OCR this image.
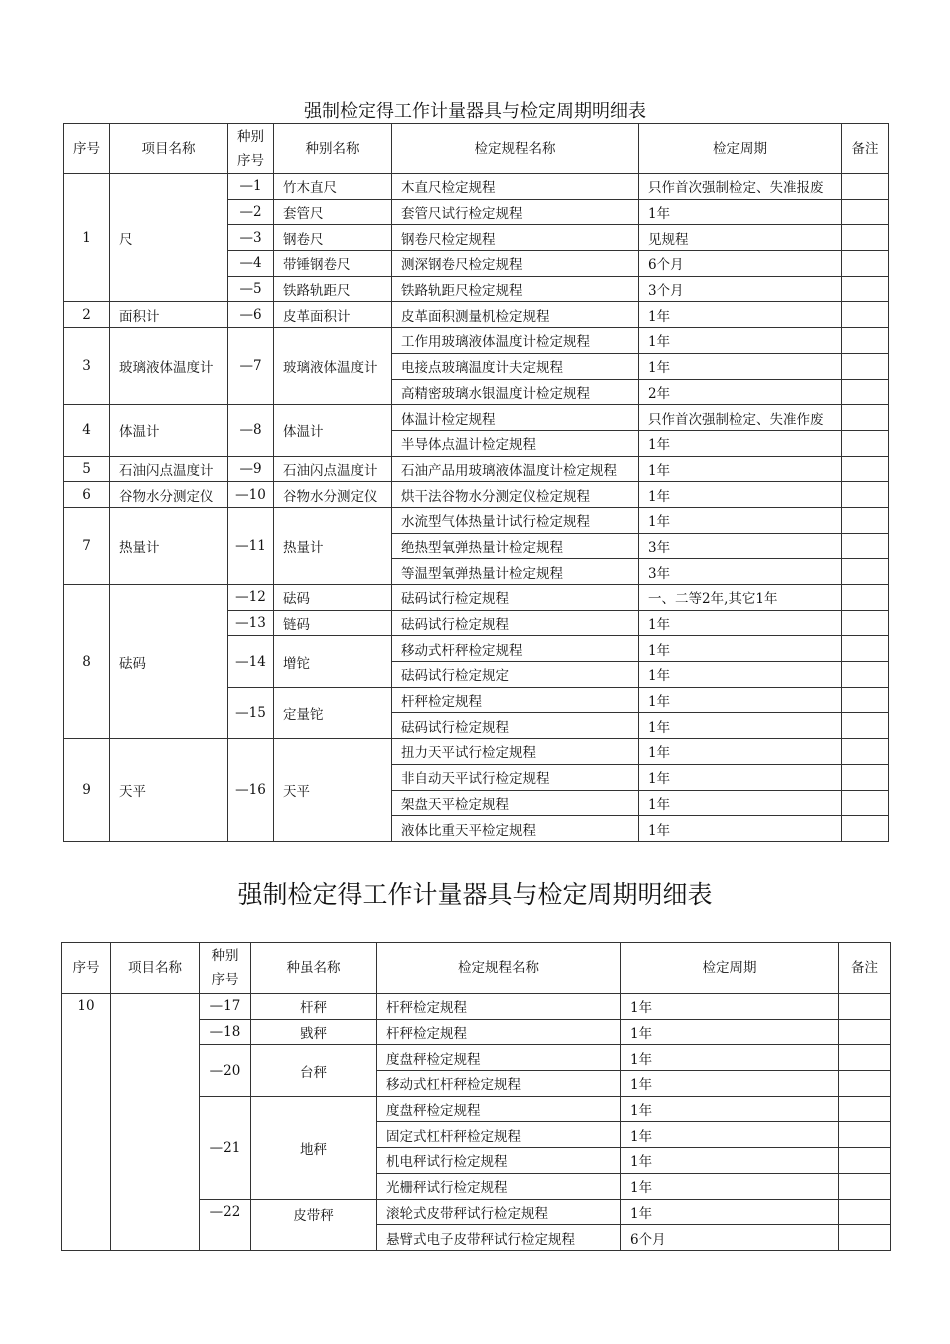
强制检定得工作计量器具与检定周期明细表
序号	项目名称	种别序号	种别名称	检定规程名称	检定周期	备注
1	尺	—1	竹木直尺	木直尺检定规程	只作首次强制检定、失准报废	
		—2	套管尺	套管尺试行检定规程	1年	
		—3	钢卷尺	钢卷尺检定规程	见规程	
		—4	带锤钢卷尺	测深钢卷尺检定规程	6个月	
		—5	铁路轨距尺	铁路轨距尺检定规程	3个月	
2	面积计	—6	皮革面积计	皮革面积测量机检定规程	1年	
3	玻璃液体温度计	—7	玻璃液体温度计	工作用玻璃液体温度计检定规程	1年	
				电接点玻璃温度计夫定规程	1年	
				高精密玻璃水银温度计检定规程	2年	
4	体温计	—8	体温计	体温计检定规程	只作首次强制检定、失准作废	
				半导体点温计检定规程	1年	
5	石油闪点温度计	—9	石油闪点温度计	石油产品用玻璃液体温度计检定规程	1年	
6	谷物水分测定仪	—10	谷物水分测定仪	烘干法谷物水分测定仪检定规程	1年	
7	热量计	—11	热量计	水流型气体热量计试行检定规程	1年	
				绝热型氧弹热量计检定规程	3年	
				等温型氧弹热量计检定规程	3年	
8	砝码	—12	砝码	砝码试行检定规程	一、二等2年,其它1年	
		—13	链码	砝码试行检定规程	1年	
		—14	增铊	移动式杆秤检定规程	1年	
				砝码试行检定规定	1年	
		—15	定量铊	杆秤检定规程	1年	
				砝码试行检定规程	1年	
9	天平	—16	天平	扭力天平试行检定规程	1年	
				非自动天平试行检定规程	1年	
				架盘天平检定规程	1年	
				液体比重天平检定规程	1年	
强制检定得工作计量器具与检定周期明细表
序号	项目名称	种别序号	种虽名称	检定规程名称	检定周期	备注
10		—17	杆秤	杆秤检定规程	1年	
		—18	戥秤	杆秤检定规程	1年	
		—20	台秤	度盘秤检定规程	1年	
				移动式杠杆秤检定规程	1年	
		—21	地秤	度盘秤检定规程	1年	
				固定式杠杆秤检定规程	1年	
				机电秤试行检定规程	1年	
				光栅秤试行检定规程	1年	
		—22	皮带秤	滚轮式皮带秤试行检定规程	1年	
				悬臂式电子皮带秤试行检定规程	6个月	
